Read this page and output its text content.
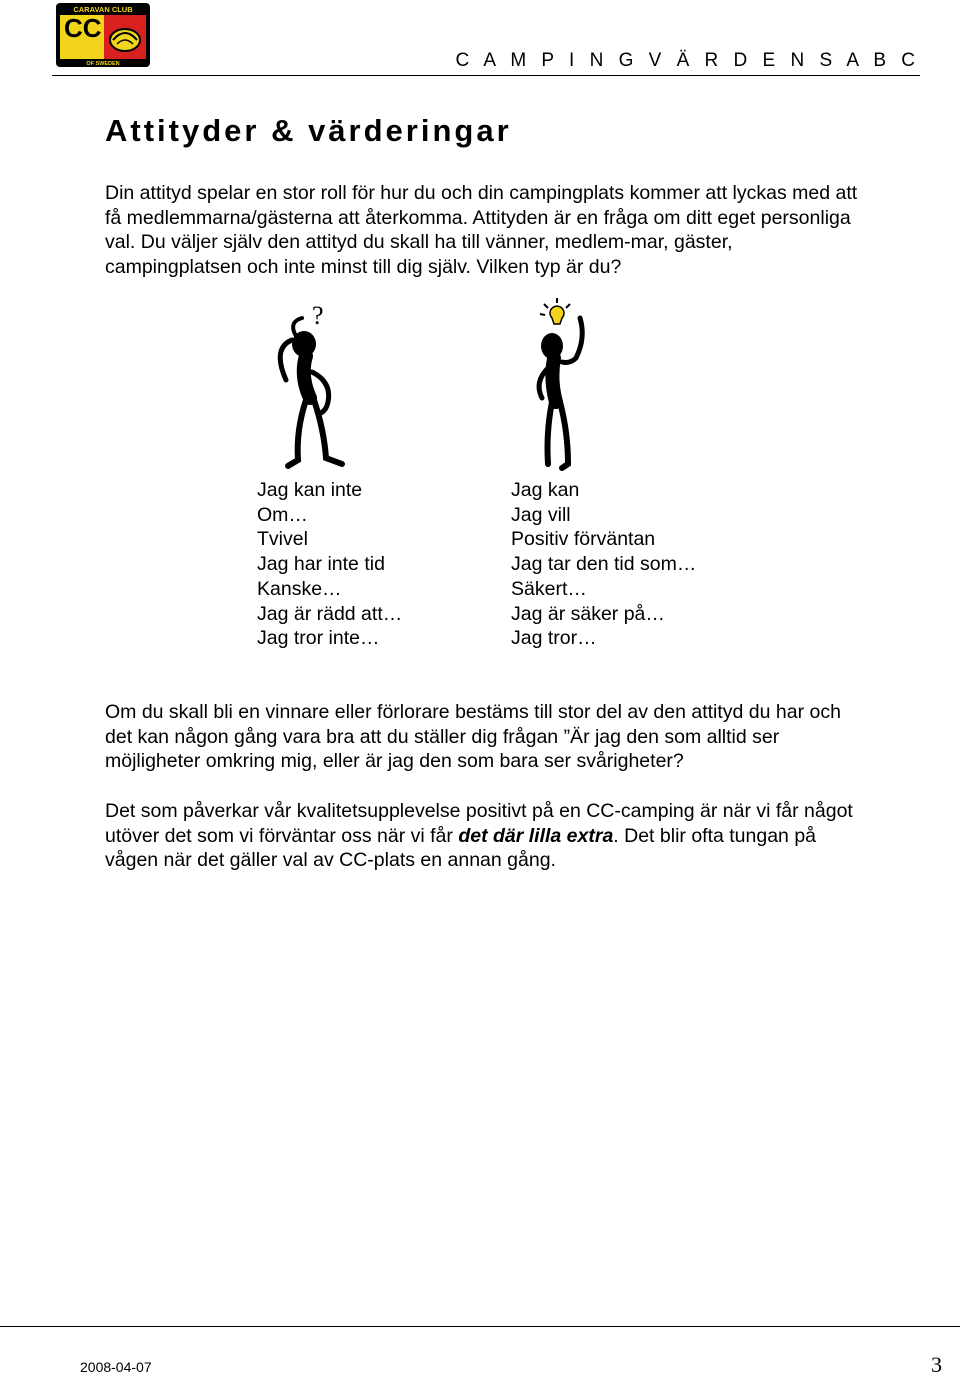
CARAVAN CLUB
CC
OF SWEDEN	C A M P I N G V Ä R D E N S A B C
Attityder & värderingar

Din attityd spelar en stor roll för hur du och din campingplats kommer att lyckas med att få medlemmarna/gästerna att återkomma. Attityden är en fråga om ditt eget personliga val. Du väljer själv den attityd du skall ha till vänner, medlem-mar, gäster, campingplatsen och inte minst till dig själv. Vilken typ är du?

?
Jag kan inte
Om…
Tvivel
Jag har inte tid
Kanske…
Jag är rädd att…
Jag tror inte…
Jag kan
Jag vill
Positiv förväntan
Jag tar den tid som…
Säkert…
Jag är säker på…
Jag tror…

Om du skall bli en vinnare eller förlorare bestäms till stor del av den attityd du har och det kan någon gång vara bra att du ställer dig frågan ”Är jag den som alltid ser möjligheter omkring mig, eller är jag den som bara ser svårigheter?

Det som påverkar vår kvalitetsupplevelse positivt på en CC-camping är när vi får något utöver det som vi förväntar oss när vi får det där lilla extra. Det blir ofta tungan på vågen när det gäller val av CC-plats en annan gång.

2008-04-07	3
